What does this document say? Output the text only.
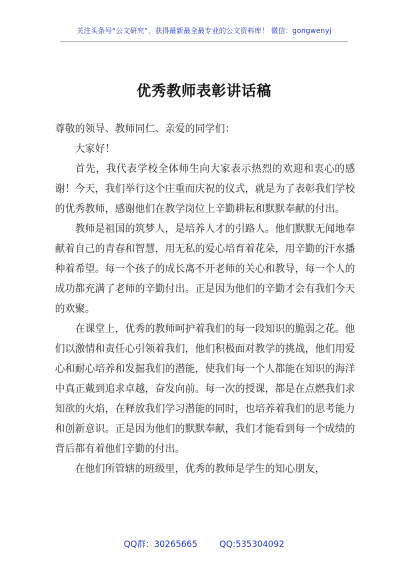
关注头条号“公文研究”，获得最新最全最专业的公文资料库！ 微信：gongwenyj
优秀教师表彰讲话稿

尊敬的领导、教师同仁、亲爱的同学们：

大家好！

首先，我代表学校全体师生向大家表示热烈的欢迎和衷心的感谢！今天，我们举行这个庄重而庆祝的仪式，就是为了表彰我们学校的优秀教师，感谢他们在教学岗位上辛勤耕耘和默默奉献的付出。

教师是祖国的筑梦人，是培养人才的引路人。他们默默无闻地奉献着自己的青春和智慧，用无私的爱心培育着花朵，用辛勤的汗水播种着希望。每一个孩子的成长离不开老师的关心和教导，每一个人的成功都充满了老师的辛勤付出。正是因为他们的辛勤才会有我们今天的欢聚。

在课堂上，优秀的教师呵护着我们的每一段知识的脆弱之花。他们以激情和责任心引领着我们，他们积极面对教学的挑战，他们用爱心和耐心培养和发掘我们的潜能，使我们每一个人都能在知识的海洋中真正戴到追求卓越，奋发向前。每一次的授课，都是在点燃我们求知欲的火焰，在释放我们学习潜能的同时，也培养着我们的思考能力和创新意识。正是因为他们的默默奉献，我们才能看到每一个成绩的背后都有着他们辛勤的付出。

在他们所管辖的班级里，优秀的教师是学生的知心朋友，

QQ群：30265665	QQ:535304092
